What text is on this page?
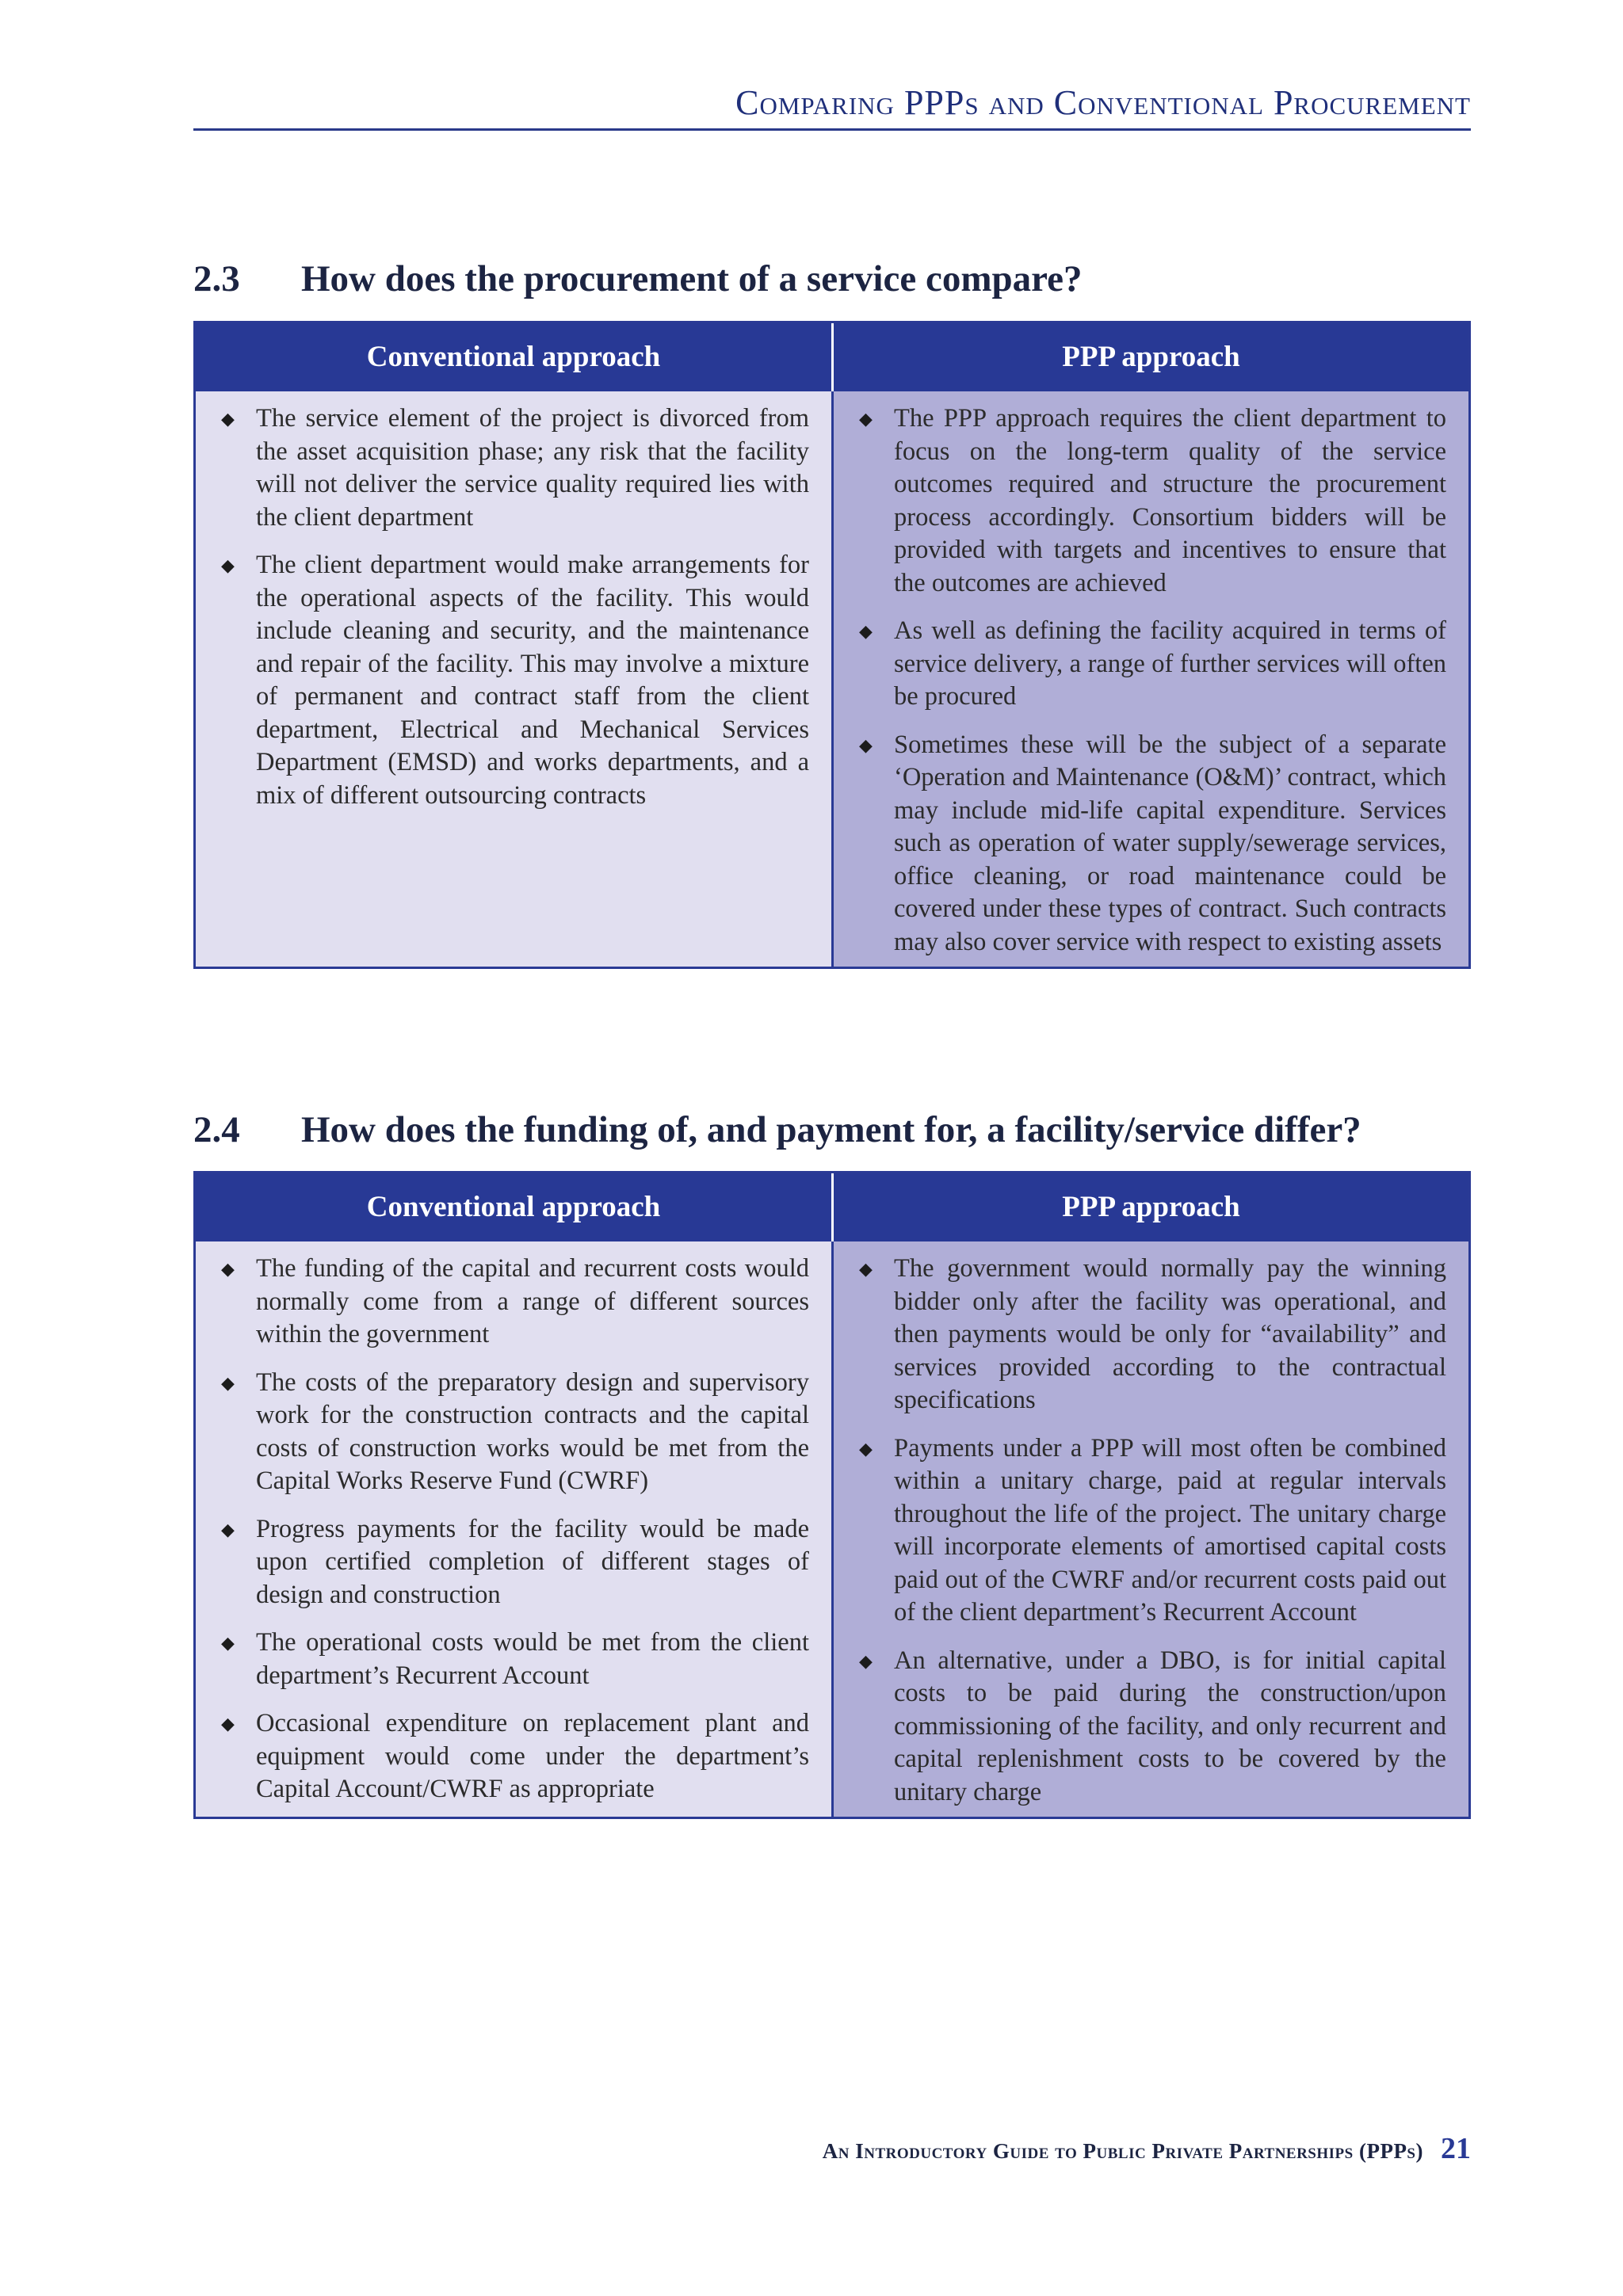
Comparing PPPs and Conventional Procurement
2.3 How does the procurement of a service compare?
Conventional approach	PPP approach
◆ The service element of the project is divorced from the asset acquisition phase; any risk that the facility will not deliver the service quality required lies with the client department
◆ The client department would make arrangements for the operational aspects of the facility. This would include cleaning and security, and the maintenance and repair of the facility. This may involve a mixture of permanent and contract staff from the client department, Electrical and Mechanical Services Department (EMSD) and works departments, and a mix of different outsourcing contracts
◆ The PPP approach requires the client department to focus on the long-term quality of the service outcomes required and structure the procurement process accordingly. Consortium bidders will be provided with targets and incentives to ensure that the outcomes are achieved
◆ As well as defining the facility acquired in terms of service delivery, a range of further services will often be procured
◆ Sometimes these will be the subject of a separate ‘Operation and Maintenance (O&M)’ contract, which may include mid-life capital expenditure. Services such as operation of water supply/sewerage services, office cleaning, or road maintenance could be covered under these types of contract. Such contracts may also cover service with respect to existing assets
2.4 How does the funding of, and payment for, a facility/service differ?
Conventional approach	PPP approach
◆ The funding of the capital and recurrent costs would normally come from a range of different sources within the government
◆ The costs of the preparatory design and supervisory work for the construction contracts and the capital costs of construction works would be met from the Capital Works Reserve Fund (CWRF)
◆ Progress payments for the facility would be made upon certified completion of different stages of design and construction
◆ The operational costs would be met from the client department’s Recurrent Account
◆ Occasional expenditure on replacement plant and equipment would come under the department’s Capital Account/CWRF as appropriate
◆ The government would normally pay the winning bidder only after the facility was operational, and then payments would be only for “availability” and services provided according to the contractual specifications
◆ Payments under a PPP will most often be combined within a unitary charge, paid at regular intervals throughout the life of the project. The unitary charge will incorporate elements of amortised capital costs paid out of the CWRF and/or recurrent costs paid out of the client department’s Recurrent Account
◆ An alternative, under a DBO, is for initial capital costs to be paid during the construction/upon commissioning of the facility, and only recurrent and capital replenishment costs to be covered by the unitary charge
An Introductory Guide to Public Private Partnerships (PPPs) 21
